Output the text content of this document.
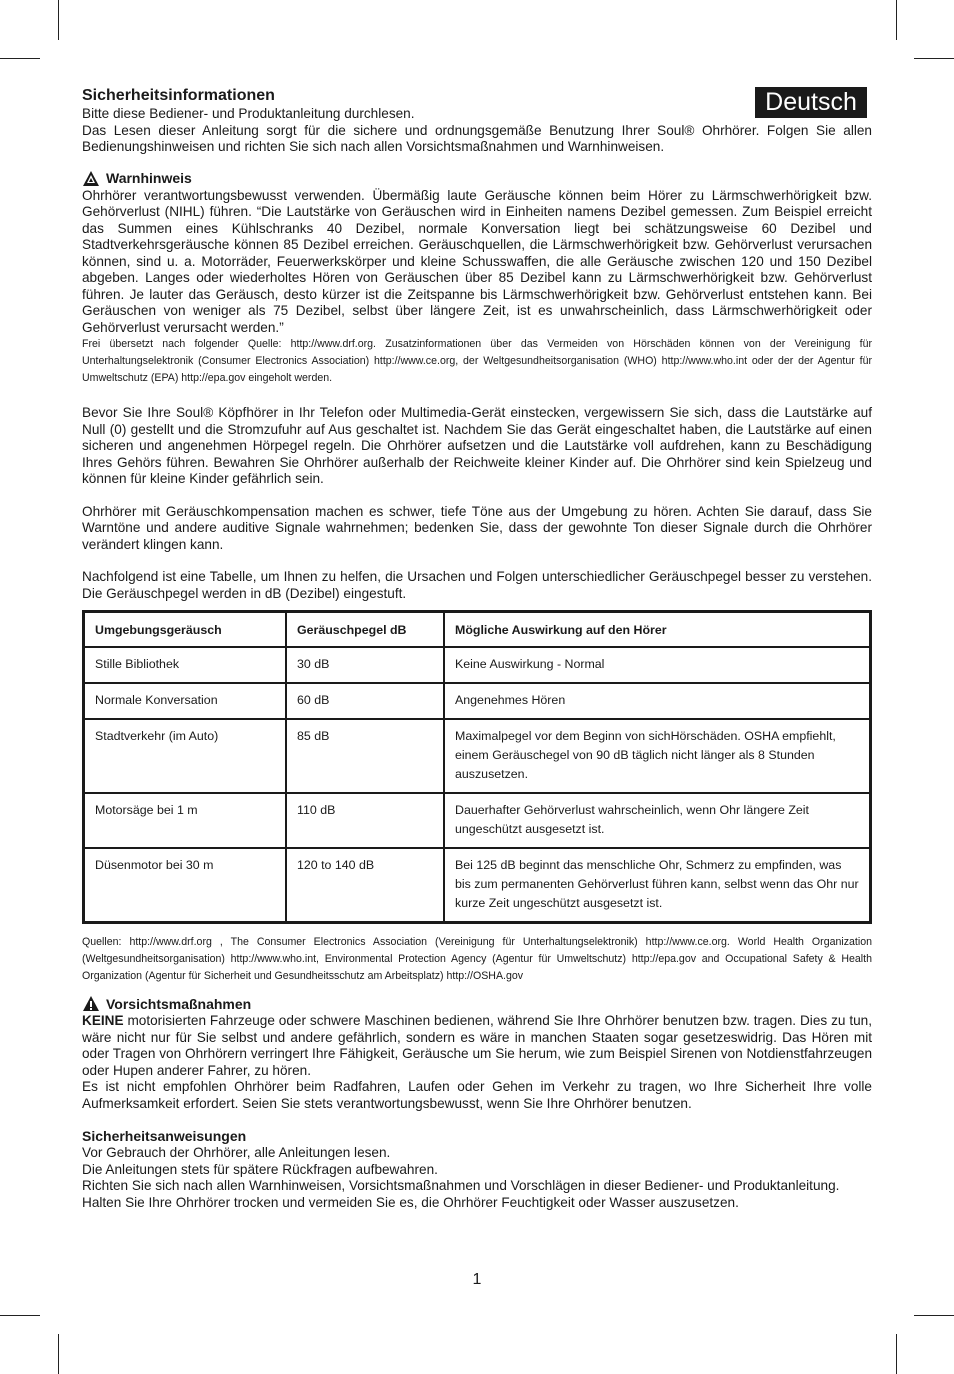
Deutsch
Sicherheitsinformationen

Bitte diese Bediener- und Produktanleitung durchlesen.

Das Lesen dieser Anleitung sorgt für die sichere und ordnungsgemäße Benutzung Ihrer Soul® Ohrhörer. Folgen Sie allen Bedienungshinweisen und richten Sie sich nach allen Vorsichtsmaßnahmen und Warnhinweisen.

Warnhinweis

Ohrhörer verantwortungsbewusst verwenden. Übermäßig laute Geräusche können beim Hörer zu Lärmschwerhörigkeit bzw. Gehörverlust (NIHL) führen. “Die Lautstärke von Geräuschen wird in Einheiten namens Dezibel gemessen. Zum Beispiel erreicht das Summen eines Kühlschranks 40 Dezibel, normale Konversation liegt bei schätzungsweise 60 Dezibel und Stadtverkehrsgeräusche können 85 Dezibel erreichen. Geräuschquellen, die Lärmschwerhörigkeit bzw. Gehörverlust verursachen können, sind u. a. Motorräder, Feuerwerkskörper und kleine Schusswaffen, die alle Geräusche zwischen 120 und 150 Dezibel abgeben. Langes oder wiederholtes Hören von Geräuschen über 85 Dezibel kann zu Lärmschwerhörigkeit bzw. Gehörverlust führen. Je lauter das Geräusch, desto kürzer ist die Zeitspanne bis Lärmschwerhörigkeit bzw. Gehörverlust entstehen kann. Bei Geräuschen von weniger als 75 Dezibel, selbst über längere Zeit, ist es unwahrscheinlich, dass Lärmschwerhörigkeit oder Gehörverlust verursacht werden.”

Frei übersetzt nach folgender Quelle: http://www.drf.org. Zusatzinformationen über das Vermeiden von Hörschäden können von der Vereinigung für Unterhaltungselektronik (Consumer Electronics Association) http://www.ce.org, der Weltgesundheitsorganisation (WHO) http://www.who.int oder der der Agentur für Umweltschutz (EPA) http://epa.gov eingeholt werden.

Bevor Sie Ihre Soul® Köpfhörer in Ihr Telefon oder Multimedia-Gerät einstecken, vergewissern Sie sich, dass die Lautstärke auf Null (0) gestellt und die Stromzufuhr auf Aus geschaltet ist. Nachdem Sie das Gerät eingeschaltet haben, die Lautstärke auf einen sicheren und angenehmen Hörpegel regeln. Die Ohrhörer aufsetzen und die Lautstärke voll aufdrehen, kann zu Beschädigung Ihres Gehörs führen. Bewahren Sie Ohrhörer außerhalb der Reichweite kleiner Kinder auf. Die Ohrhörer sind kein Spielzeug und können für kleine Kinder gefährlich sein.

Ohrhörer mit Geräuschkompensation machen es schwer, tiefe Töne aus der Umgebung zu hören. Achten Sie darauf, dass Sie Warntöne und andere auditive Signale wahrnehmen; bedenken Sie, dass der gewohnte Ton dieser Signale durch die Ohrhörer verändert klingen kann.

Nachfolgend ist eine Tabelle, um Ihnen zu helfen, die Ursachen und Folgen unterschiedlicher Geräuschpegel besser zu verstehen. Die Geräuschpegel werden in dB (Dezibel) eingestuft.

Umgebungsgeräusch	Geräuschpegel dB	Mögliche Auswirkung auf den Hörer
Stille Bibliothek	30 dB	Keine Auswirkung - Normal
Normale Konversation	60 dB	Angenehmes Hören
Stadtverkehr (im Auto)	85 dB	Maximalpegel vor dem Beginn von sichHörschäden. OSHA empfiehlt, einem Geräuschegel von 90 dB täglich nicht länger als 8 Stunden auszusetzen.
Motorsäge bei 1 m	110 dB	Dauerhafter Gehörverlust wahrscheinlich, wenn Ohr längere Zeit ungeschützt ausgesetzt ist.
Düsenmotor bei 30 m	120 to 140 dB	Bei 125 dB beginnt das menschliche Ohr, Schmerz zu empfinden, was bis zum permanenten Gehörverlust führen kann, selbst wenn das Ohr nur kurze Zeit ungeschützt ausgesetzt ist.

Quellen: http://www.drf.org , The Consumer Electronics Association (Vereinigung für Unterhaltungselektronik) http://www.ce.org. World Health Organization (Weltgesundheitsorganisation) http://www.who.int, Environmental Protection Agency (Agentur für Umweltschutz) http://epa.gov and Occupational Safety & Health Organization (Agentur für Sicherheit und Gesundheitsschutz am Arbeitsplatz) http://OSHA.gov

Vorsichtsmaßnahmen

KEINE motorisierten Fahrzeuge oder schwere Maschinen bedienen, während Sie Ihre Ohrhörer benutzen bzw. tragen. Dies zu tun, wäre nicht nur für Sie selbst und andere gefährlich, sondern es wäre in manchen Staaten sogar gesetzeswidrig. Das Hören mit oder Tragen von Ohrhörern verringert Ihre Fähigkeit, Geräusche um Sie herum, wie zum Beispiel Sirenen von Notdienstfahrzeugen oder Hupen anderer Fahrer, zu hören.

Es ist nicht empfohlen Ohrhörer beim Radfahren, Laufen oder Gehen im Verkehr zu tragen, wo Ihre Sicherheit Ihre volle Aufmerksamkeit erfordert. Seien Sie stets verantwortungsbewusst, wenn Sie Ihre Ohrhörer benutzen.

Sicherheitsanweisungen

Vor Gebrauch der Ohrhörer, alle Anleitungen lesen.

Die Anleitungen stets für spätere Rückfragen aufbewahren.

Richten Sie sich nach allen Warnhinweisen, Vorsichtsmaßnahmen und Vorschlägen in dieser Bediener- und Produktanleitung.

Halten Sie Ihre Ohrhörer trocken und vermeiden Sie es, die Ohrhörer Feuchtigkeit oder Wasser auszusetzen.

1
